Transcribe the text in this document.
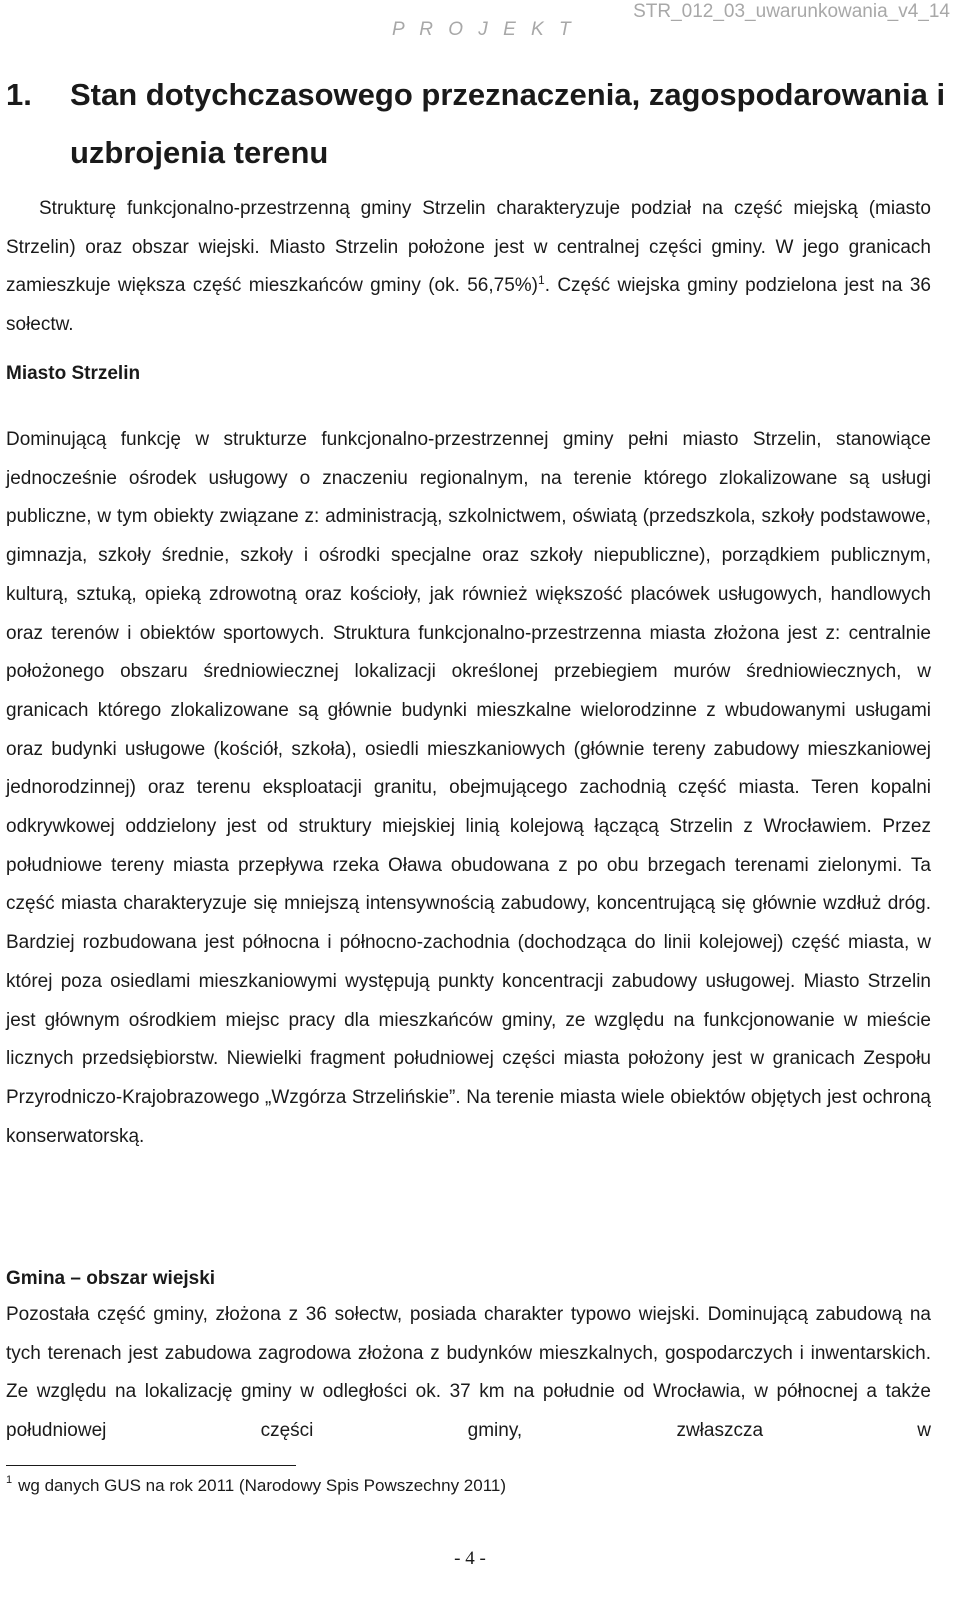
P R O J E K T
STR_012_03_uwarunkowania_v4_14
1. Stan dotychczasowego przeznaczenia, zagospodarowania i uzbrojenia terenu

Strukturę funkcjonalno-przestrzenną gminy Strzelin charakteryzuje podział na część miejską (miasto Strzelin) oraz obszar wiejski. Miasto Strzelin położone jest w centralnej części gminy. W jego granicach zamieszkuje większa część mieszkańców gminy (ok. 56,75%)$^1$. Część wiejska gminy podzielona jest na 36 sołectw.

Miasto Strzelin

Dominującą funkcję w strukturze funkcjonalno-przestrzennej gminy pełni miasto Strzelin, stanowiące jednocześnie ośrodek usługowy o znaczeniu regionalnym, na terenie którego zlokalizowane są usługi publiczne, w tym obiekty związane z: administracją, szkolnictwem, oświatą (przedszkola, szkoły podstawowe, gimnazja, szkoły średnie, szkoły i ośrodki specjalne oraz szkoły niepubliczne), porządkiem publicznym, kulturą, sztuką, opieką zdrowotną oraz kościoły, jak również większość placówek usługowych, handlowych oraz terenów i obiektów sportowych. Struktura funkcjonalno-przestrzenna miasta złożona jest z: centralnie położonego obszaru średniowiecznej lokalizacji określonej przebiegiem murów średniowiecznych, w granicach którego zlokalizowane są głównie budynki mieszkalne wielorodzinne z wbudowanymi usługami oraz budynki usługowe (kościół, szkoła), osiedli mieszkaniowych (głównie tereny zabudowy mieszkaniowej jednorodzinnej) oraz terenu eksploatacji granitu, obejmującego zachodnią część miasta. Teren kopalni odkrywkowej oddzielony jest od struktury miejskiej linią kolejową łączącą Strzelin z Wrocławiem. Przez południowe tereny miasta przepływa rzeka Oława obudowana z po obu brzegach terenami zielonymi. Ta część miasta charakteryzuje się mniejszą intensywnością zabudowy, koncentrującą się głównie wzdłuż dróg. Bardziej rozbudowana jest północna i północno-zachodnia (dochodząca do linii kolejowej) część miasta, w której poza osiedlami mieszkaniowymi występują punkty koncentracji zabudowy usługowej. Miasto Strzelin jest głównym ośrodkiem miejsc pracy dla mieszkańców gminy, ze względu na funkcjonowanie w mieście licznych przedsiębiorstw. Niewielki fragment południowej części miasta położony jest w granicach Zespołu Przyrodniczo-Krajobrazowego „Wzgórza Strzelińskie”. Na terenie miasta wiele obiektów objętych jest ochroną konserwatorską.

Gmina – obszar wiejski

Pozostała część gminy, złożona z 36 sołectw, posiada charakter typowo wiejski. Dominującą zabudową na tych terenach jest zabudowa zagrodowa złożona z budynków mieszkalnych, gospodarczych i inwentarskich. Ze względu na lokalizację gminy w odległości ok. 37 km na południe od Wrocławia, w północnej a także południowej części gminy, zwłaszcza w

$^1$ wg danych GUS na rok 2011 (Narodowy Spis Powszechny 2011)

- 4 -
